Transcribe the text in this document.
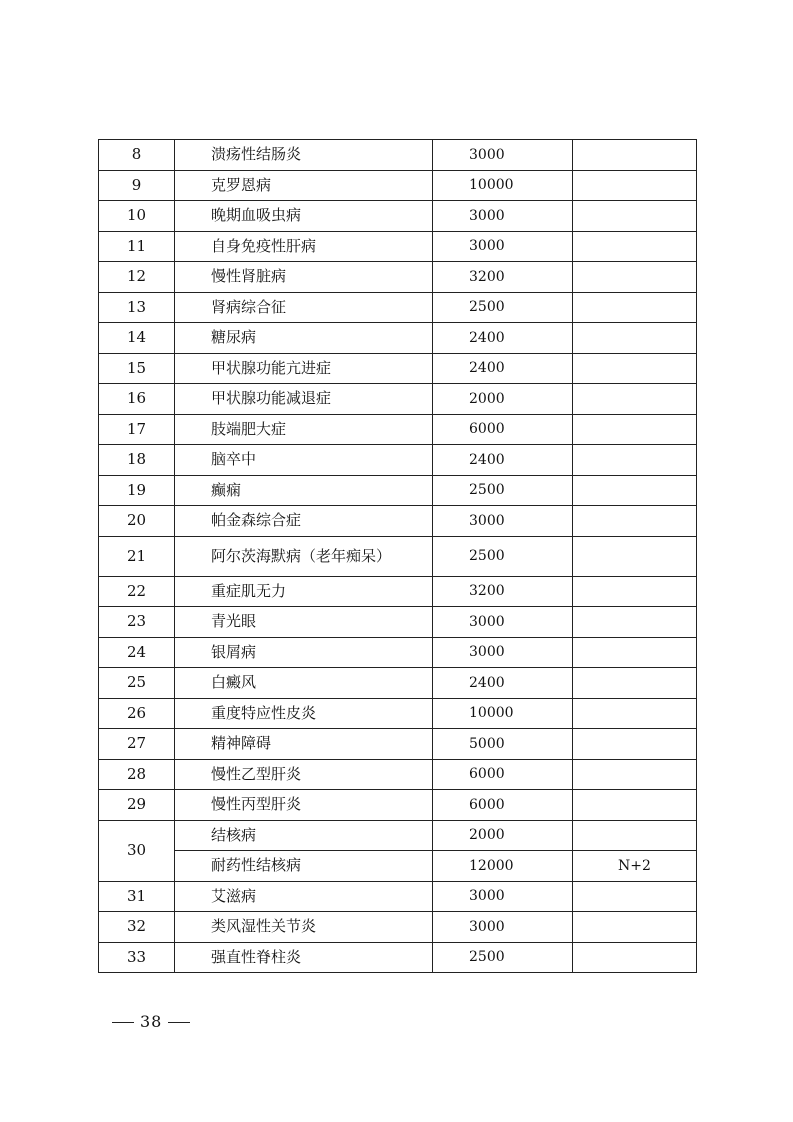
8	溃疡性结肠炎	3000	
9	克罗恩病	10000	
10	晚期血吸虫病	3000	
11	自身免疫性肝病	3000	
12	慢性肾脏病	3200	
13	肾病综合征	2500	
14	糖尿病	2400	
15	甲状腺功能亢进症	2400	
16	甲状腺功能减退症	2000	
17	肢端肥大症	6000	
18	脑卒中	2400	
19	癫痫	2500	
20	帕金森综合症	3000	
21	阿尔茨海默病（老年痴呆）	2500	
22	重症肌无力	3200	
23	青光眼	3000	
24	银屑病	3000	
25	白癜风	2400	
26	重度特应性皮炎	10000	
27	精神障碍	5000	
28	慢性乙型肝炎	6000	
29	慢性丙型肝炎	6000	
30	结核病	2000	
	耐药性结核病	12000	N+2
31	艾滋病	3000	
32	类风湿性关节炎	3000	
33	强直性脊柱炎	2500	
38
